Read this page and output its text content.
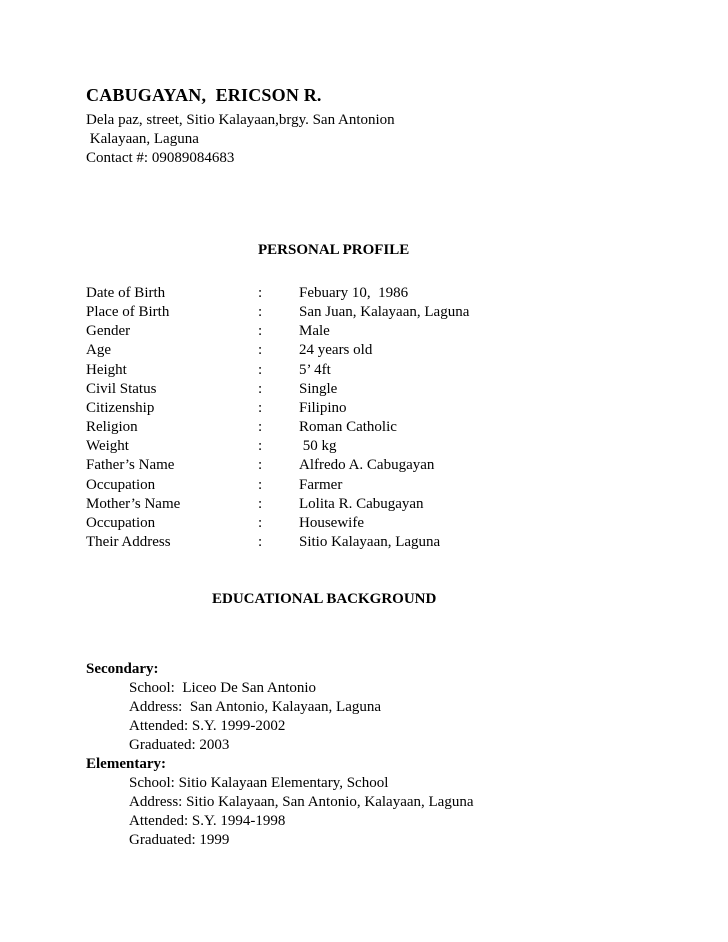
CABUGAYAN,  ERICSON R.
Dela paz, street, Sitio Kalayaan,brgy. San Antonion
Kalayaan, Laguna
Contact #: 09089084683
PERSONAL PROFILE
Date of Birth	: Febuary 10,  1986
Place of Birth	: San Juan, Kalayaan, Laguna
Gender	: Male
Age	: 24 years old
Height	: 5’ 4ft
Civil Status	: Single
Citizenship	: Filipino
Religion	: Roman Catholic
Weight	: 50 kg
Father’s Name	: Alfredo A. Cabugayan
Occupation	: Farmer
Mother’s Name	: Lolita R. Cabugayan
Occupation	: Housewife
Their Address	: Sitio Kalayaan, Laguna
EDUCATIONAL BACKGROUND
Secondary:
School:  Liceo De San Antonio
Address:  San Antonio, Kalayaan, Laguna
Attended: S.Y. 1999-2002
Graduated: 2003
Elementary:
School: Sitio Kalayaan Elementary, School
Address: Sitio Kalayaan, San Antonio, Kalayaan, Laguna
Attended: S.Y. 1994-1998
Graduated: 1999
